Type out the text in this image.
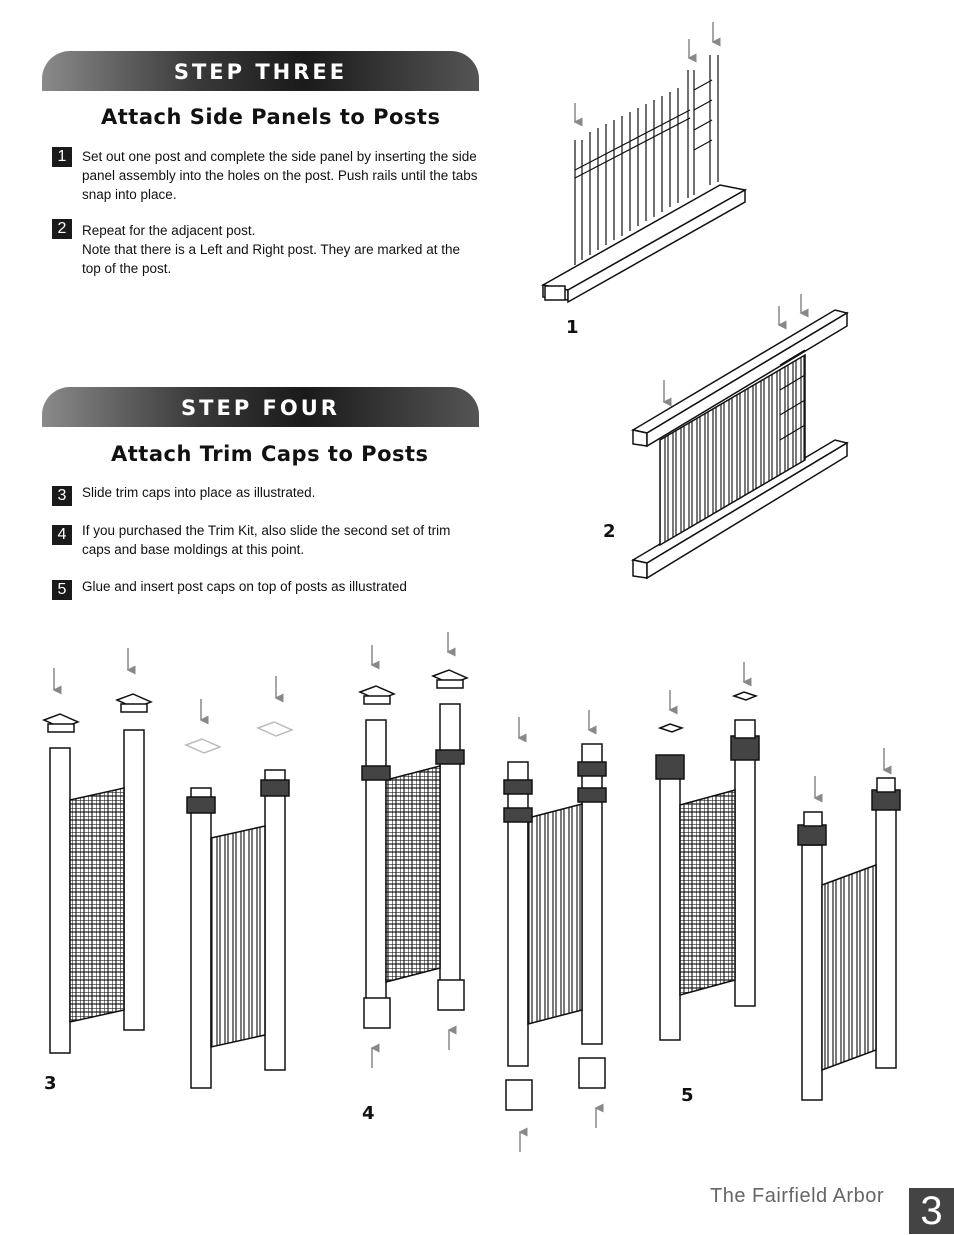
STEP THREE
Attach Side Panels to Posts
1	Set out one post and complete the side panel by inserting the side panel assembly into the holes on the post. Push rails until the tabs snap into place.
2	Repeat for the adjacent post.
Note that there is a Left and Right post. They are marked at the top of the post.
STEP FOUR
Attach Trim Caps to Posts
3	Slide trim caps into place as illustrated.
4	If you purchased the Trim Kit, also slide the second set of trim caps and base moldings at this point.
5	Glue and insert post caps on top of posts as illustrated
1
2
3
4
5
The Fairfield Arbor 3
